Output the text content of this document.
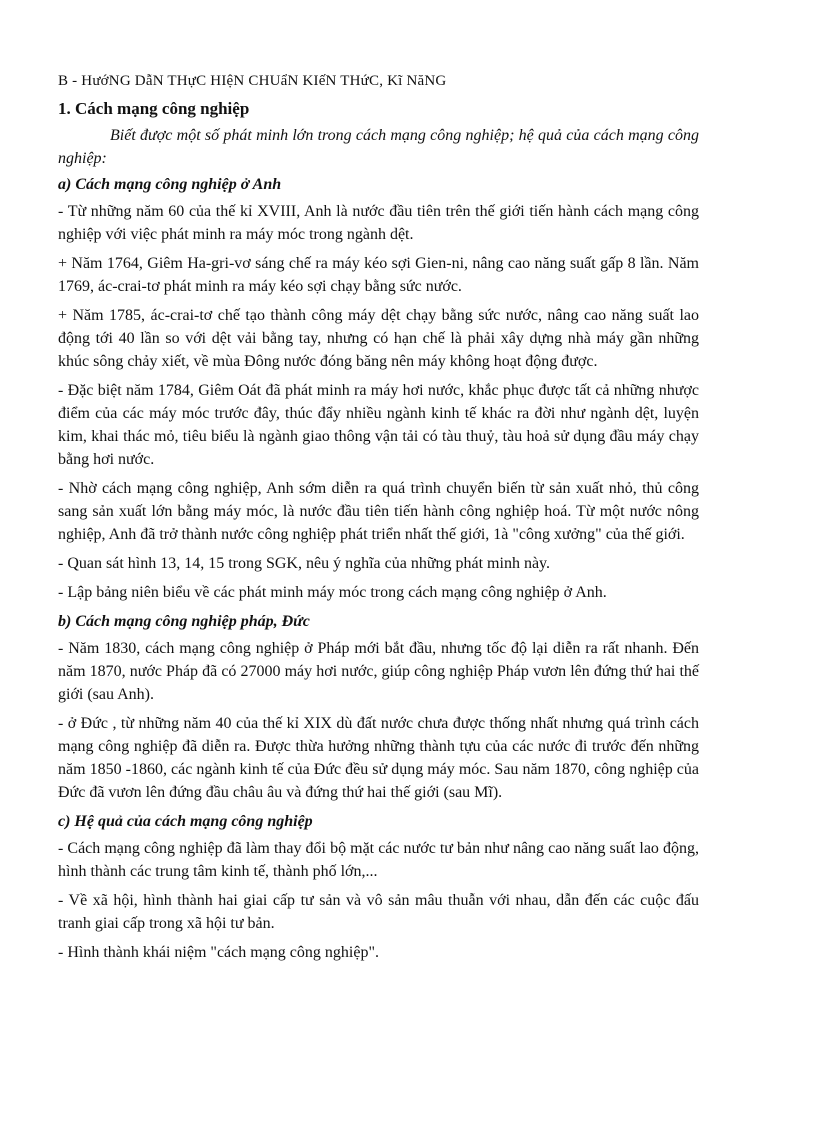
B - HướNG DẫN THựC HIệN CHUẩN KIếN THứC, Kĩ NăNG

1. Cách mạng công nghiệp

Biết được một số phát minh lớn trong cách mạng công nghiệp; hệ quả của cách mạng công nghiệp:

a) Cách mạng công nghiệp ở Anh

- Từ những năm 60 của thế kỉ XVIII, Anh là nước đầu tiên trên thế giới tiến hành cách mạng công nghiệp với việc phát minh ra máy móc trong ngành dệt.

+ Năm 1764, Giêm Ha-gri-vơ sáng chế ra máy kéo sợi Gien-ni, nâng cao năng suất gấp 8 lần. Năm 1769, ác-crai-tơ phát minh ra máy kéo sợi chạy bằng sức nước.

+ Năm 1785, ác-crai-tơ chế tạo thành công máy dệt chạy bằng sức nước, nâng cao năng suất lao động tới 40 lần so với dệt vải bằng tay, nhưng có hạn chế là phải xây dựng nhà máy gần những khúc sông chảy xiết, về mùa Đông nước đóng băng nên máy không hoạt động được.

- Đặc biệt năm 1784, Giêm Oát đã phát minh ra máy hơi nước, khắc phục được tất cả những nhược điểm của các máy móc trước đây, thúc đẩy nhiều ngành kinh tế khác ra đời như ngành dệt, luyện kim, khai thác mỏ, tiêu biểu là ngành giao thông vận tải có tàu thuỷ, tàu hoả sử dụng đầu máy chạy bằng hơi nước.

- Nhờ cách mạng công nghiệp, Anh sớm diễn ra quá trình chuyển biến từ sản xuất nhỏ, thủ công sang sản xuất lớn bằng máy móc, là nước đầu tiên tiến hành công nghiệp hoá. Từ một nước nông nghiệp, Anh đã trở thành nước công nghiệp phát triển nhất thế giới, 1à "công xưởng" của thế giới.

- Quan sát hình 13, 14, 15 trong SGK, nêu ý nghĩa của những phát minh này.

- Lập bảng niên biểu về các phát minh máy móc trong cách mạng công nghiệp ở Anh.

b) Cách mạng công nghiệp pháp, Đức

- Năm 1830, cách mạng công nghiệp ở Pháp mới bắt đầu, nhưng tốc độ lại diễn ra rất nhanh. Đến năm 1870, nước Pháp đã có 27000 máy hơi nước, giúp công nghiệp Pháp vươn lên đứng thứ hai thế giới (sau Anh).

- ở Đức , từ những năm 40 của thế kỉ XIX dù đất nước chưa được thống nhất nhưng quá trình cách mạng công nghiệp đã diễn ra. Được thừa hưởng những thành tựu của các nước đi trước đến những năm 1850 -1860, các ngành kinh tế của Đức đều sử dụng máy móc. Sau năm 1870, công nghiệp của Đức đã vươn lên đứng đầu châu âu và đứng thứ hai thế giới (sau Mĩ).

c) Hệ quả của cách mạng công nghiệp

- Cách mạng công nghiệp đã làm thay đổi bộ mặt các nước tư bản như nâng cao năng suất lao động, hình thành các trung tâm kinh tế, thành phố lớn,...

- Về xã hội, hình thành hai giai cấp tư sản và vô sản mâu thuẫn với nhau, dẫn đến các cuộc đấu tranh giai cấp trong xã hội tư bản.

- Hình thành khái niệm "cách mạng công nghiệp".
